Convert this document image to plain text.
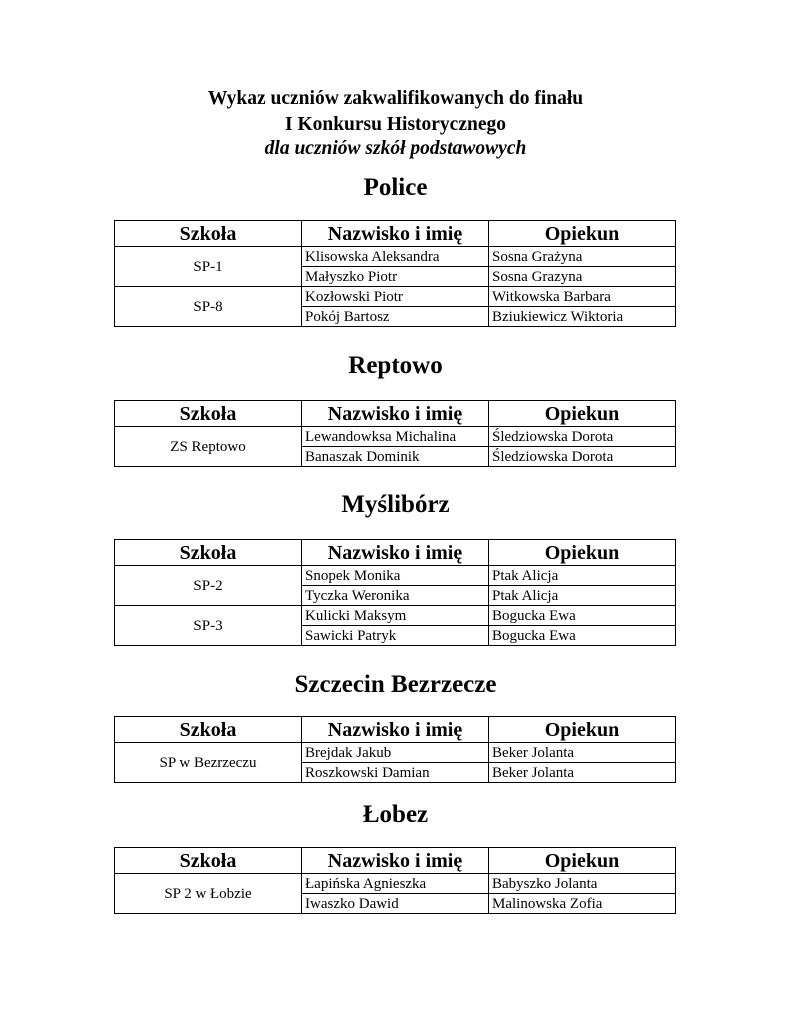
Wykaz uczniów zakwalifikowanych do finału
I Konkursu Historycznego
dla uczniów szkół podstawowych
Police
Szkoła	Nazwisko i imię	Opiekun
SP-1	Klisowska Aleksandra	Sosna Grażyna
	Małyszko Piotr	Sosna Grazyna
SP-8	Kozłowski Piotr	Witkowska Barbara
	Pokój Bartosz	Bziukiewicz Wiktoria
Reptowo
Szkoła	Nazwisko i imię	Opiekun
ZS Reptowo	Lewandowksa Michalina	Śledziowska Dorota
	Banaszak Dominik	Śledziowska Dorota
Myślibórz
Szkoła	Nazwisko i imię	Opiekun
SP-2	Snopek Monika	Ptak Alicja
	Tyczka Weronika	Ptak Alicja
SP-3	Kulicki Maksym	Bogucka Ewa
	Sawicki Patryk	Bogucka Ewa
Szczecin Bezrzecze
Szkoła	Nazwisko i imię	Opiekun
SP w Bezrzeczu	Brejdak Jakub	Beker Jolanta
	Roszkowski Damian	Beker Jolanta
Łobez
Szkoła	Nazwisko i imię	Opiekun
SP 2 w Łobzie	Łapińska Agnieszka	Babyszko Jolanta
	Iwaszko Dawid	Malinowska Zofia
